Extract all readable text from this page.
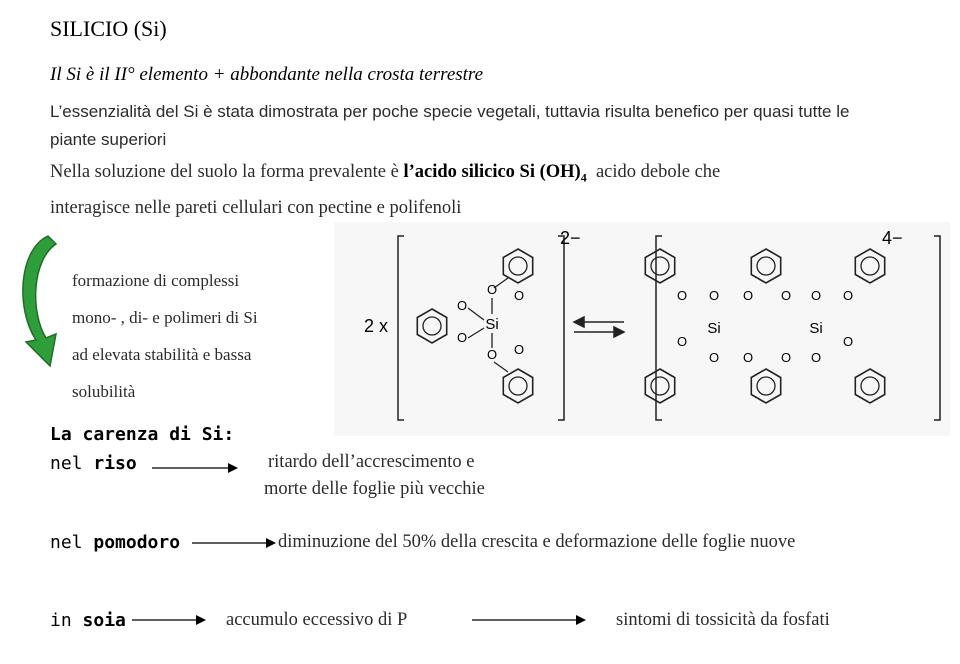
SILICIO (Si)
Il Si è il II° elemento + abbondante nella crosta terrestre
L’essenzialità del Si è stata dimostrata per poche specie vegetali, tuttavia risulta benefico per quasi tutte le
piante superiori
Nella soluzione del suolo la forma prevalente è l’acido silicico Si $(OH)_4$ acido debole che
interagisce nelle pareti cellulari con pectine e polifenoli
formazione di complessi
mono- , di- e polimeri di Si
ad elevata stabilità e bassa
solubilità
2−
2 x	Si
O
O
O
O
O
O
4−
Si	Si
O
O
O
O
O
O
O
O
O
O
O
O
La carenza di Si:
nel riso	ritardo dell’accrescimento e
morte delle foglie più vecchie
nel pomodoro	diminuzione del 50% della crescita e deformazione delle foglie nuove
in soia	accumulo eccessivo di P	sintomi di tossicità da fosfati
